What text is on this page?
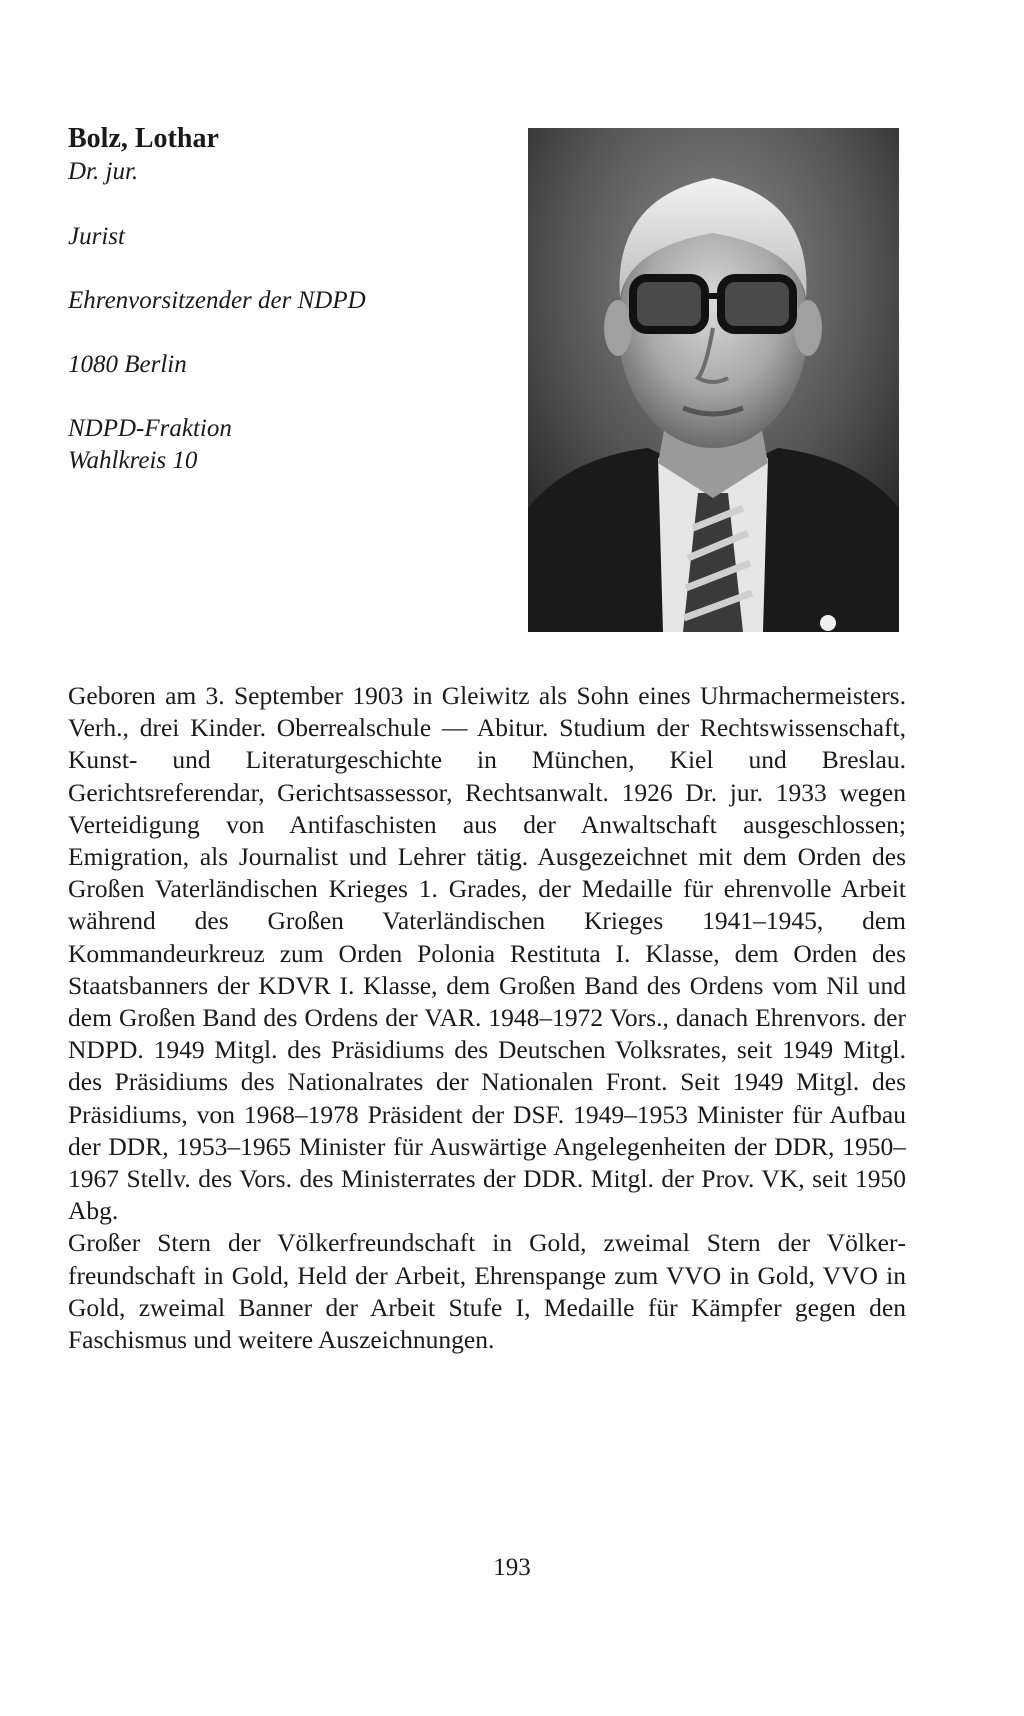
Bolz, Lothar

Dr. jur.

Jurist

Ehrenvorsitzender der NDPD

1080 Berlin

NDPD-Fraktion

Wahlkreis 10

Geboren am 3. September 1903 in Gleiwitz als Sohn eines Uhrmachermeisters. Verh., drei Kinder. Oberrealschule — Abitur. Studium der Rechtswissenschaft, Kunst- und Literaturgeschichte in München, Kiel und Breslau. Gerichtsreferendar, Gerichtsassessor, Rechtsanwalt. 1926 Dr. jur. 1933 wegen Verteidigung von Antifaschisten aus der Anwaltschaft ausgeschlossen; Emigration, als Journalist und Lehrer tätig. Ausgezeichnet mit dem Orden des Großen Vaterländischen Krieges 1. Grades, der Medaille für ehrenvolle Arbeit während des Großen Vaterländischen Krieges 1941–1945, dem Kommandeurkreuz zum Orden Polonia Restituta I. Klasse, dem Orden des Staatsbanners der KDVR I. Klasse, dem Großen Band des Ordens vom Nil und dem Großen Band des Ordens der VAR. 1948–1972 Vors., danach Ehrenvors. der NDPD. 1949 Mitgl. des Präsidiums des Deutschen Volksrates, seit 1949 Mitgl. des Präsidiums des Nationalrates der Nationalen Front. Seit 1949 Mitgl. des Präsidiums, von 1968–1978 Präsident der DSF. 1949–1953 Minister für Aufbau der DDR, 1953–1965 Minister für Auswärtige Angelegenheiten der DDR, 1950–1967 Stellv. des Vors. des Ministerrates der DDR. Mitgl. der Prov. VK, seit 1950 Abg.

Großer Stern der Völkerfreundschaft in Gold, zweimal Stern der Völkerfreundschaft in Gold, Held der Arbeit, Ehrenspange zum VVO in Gold, VVO in Gold, zweimal Banner der Arbeit Stufe I, Medaille für Kämpfer gegen den Faschismus und weitere Auszeichnungen.

193
